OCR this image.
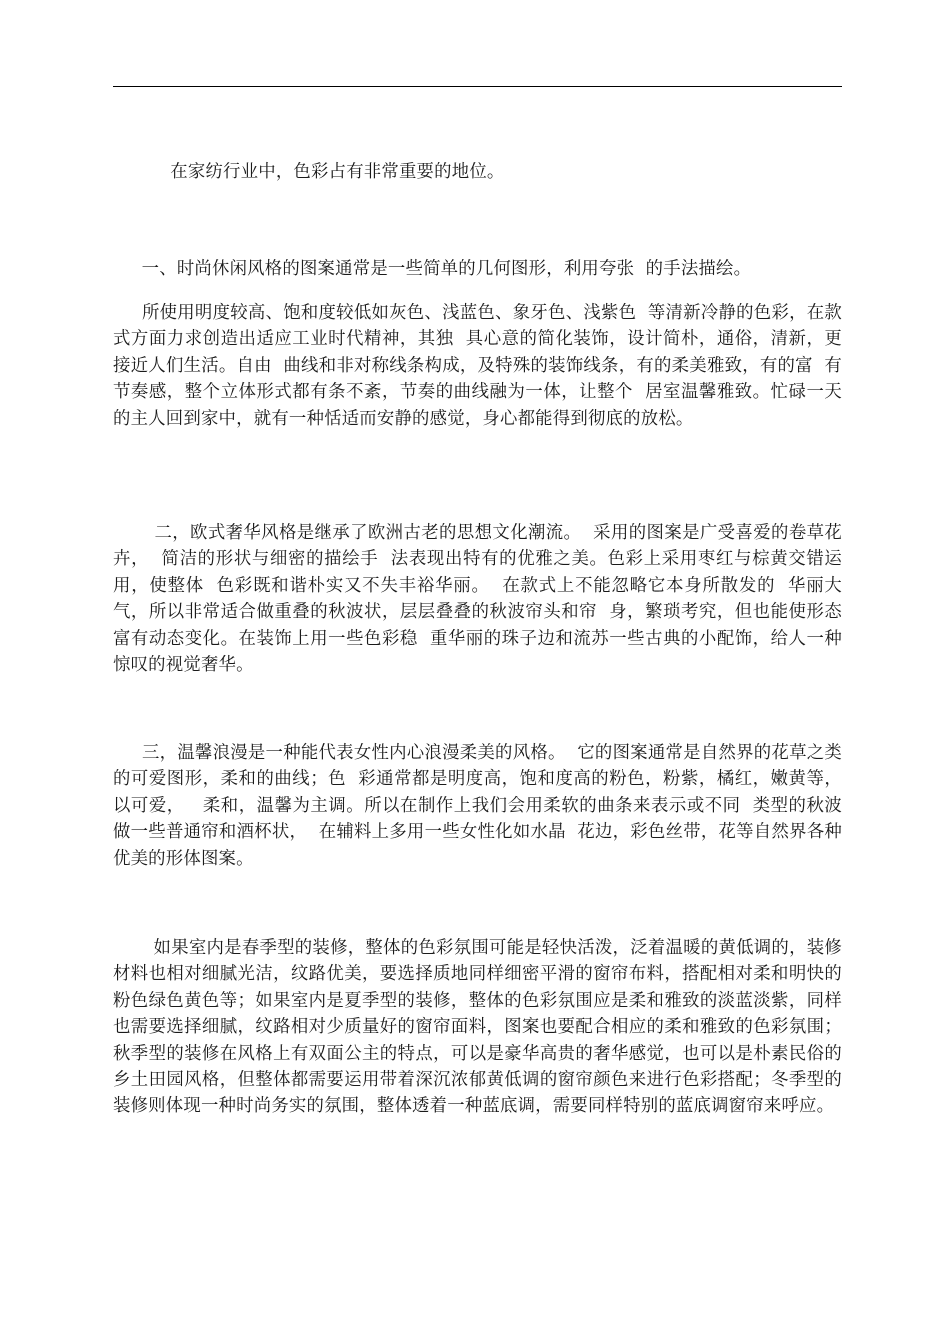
在家纺行业中，色彩占有非常重要的地位。

一、时尚休闲风格的图案通常是一些简单的几何图形，利用夸张  的手法描绘。

所使用明度较高、饱和度较低如灰色、浅蓝色、象牙色、浅紫色  等清新冷静的色彩，在款式方面力求创造出适应工业时代精神，其独  具心意的简化装饰，设计简朴，通俗，清新，更接近人们生活。自由  曲线和非对称线条构成，及特殊的装饰线条，有的柔美雅致，有的富  有节奏感，整个立体形式都有条不紊，节奏的曲线融为一体，让整个  居室温馨雅致。忙碌一天的主人回到家中，就有一种恬适而安静的感觉，身心都能得到彻底的放松。

二，欧式奢华风格是继承了欧洲古老的思想文化潮流。  采用的图案是广受喜爱的卷草花卉，  简洁的形状与细密的描绘手  法表现出特有的优雅之美。色彩上采用枣红与棕黄交错运用，使整体  色彩既和谐朴实又不失丰裕华丽。  在款式上不能忽略它本身所散发的  华丽大气，所以非常适合做重叠的秋波状，层层叠叠的秋波帘头和帘  身，繁琐考究，但也能使形态富有动态变化。在装饰上用一些色彩稳  重华丽的珠子边和流苏一些古典的小配饰，给人一种惊叹的视觉奢华。

三，温馨浪漫是一种能代表女性内心浪漫柔美的风格。  它的图案通常是自然界的花草之类的可爱图形，柔和的曲线；色  彩通常都是明度高，饱和度高的粉色，粉紫，橘红，嫩黄等，以可爱，   柔和，温馨为主调。所以在制作上我们会用柔软的曲条来表示或不同  类型的秋波做一些普通帘和酒杯状，  在辅料上多用一些女性化如水晶  花边，彩色丝带，花等自然界各种优美的形体图案。

如果室内是春季型的装修，整体的色彩氛围可能是轻快活泼，泛着温暖的黄低调的，装修材料也相对细腻光洁，纹路优美，要选择质地同样细密平滑的窗帘布料，搭配相对柔和明快的粉色绿色黄色等；如果室内是夏季型的装修，整体的色彩氛围应是柔和雅致的淡蓝淡紫，同样也需要选择细腻，纹路相对少质量好的窗帘面料，图案也要配合相应的柔和雅致的色彩氛围；秋季型的装修在风格上有双面公主的特点，可以是豪华高贵的奢华感觉，也可以是朴素民俗的乡土田园风格，但整体都需要运用带着深沉浓郁黄低调的窗帘颜色来进行色彩搭配；冬季型的装修则体现一种时尚务实的氛围，整体透着一种蓝底调，需要同样特别的蓝底调窗帘来呼应。
